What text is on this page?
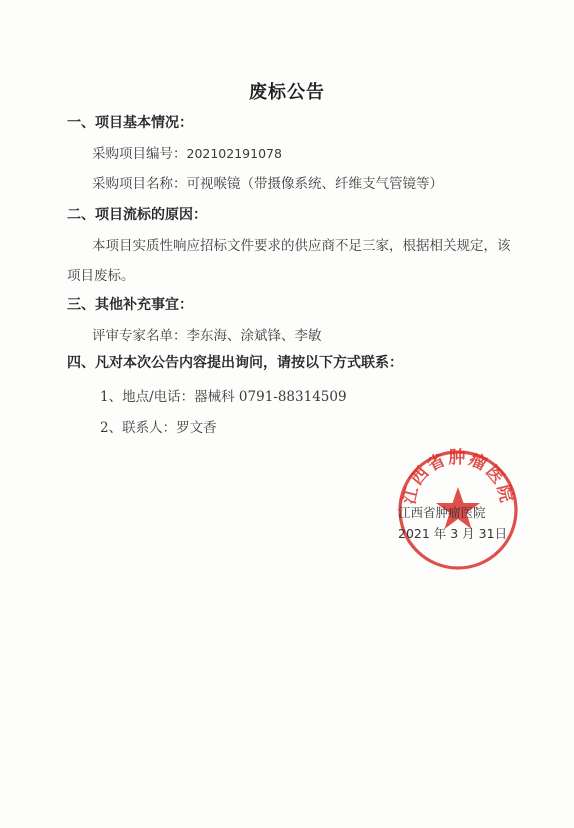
废标公告
一、项目基本情况：
采购项目编号：202102191078
采购项目名称：可视喉镜（带摄像系统、纤维支气管镜等）
二、项目流标的原因：
本项目实质性响应招标文件要求的供应商不足三家，根据相关规定，该
项目废标。
三、其他补充事宜：
评审专家名单：李东海、涂斌锋、李敏
四、凡对本次公告内容提出询问，请按以下方式联系：
1、地点/电话：器械科 0791-88314509
2、联系人：罗文香
江西省肿瘤医院
江西省肿瘤医院
2021 年 3 月 31日
